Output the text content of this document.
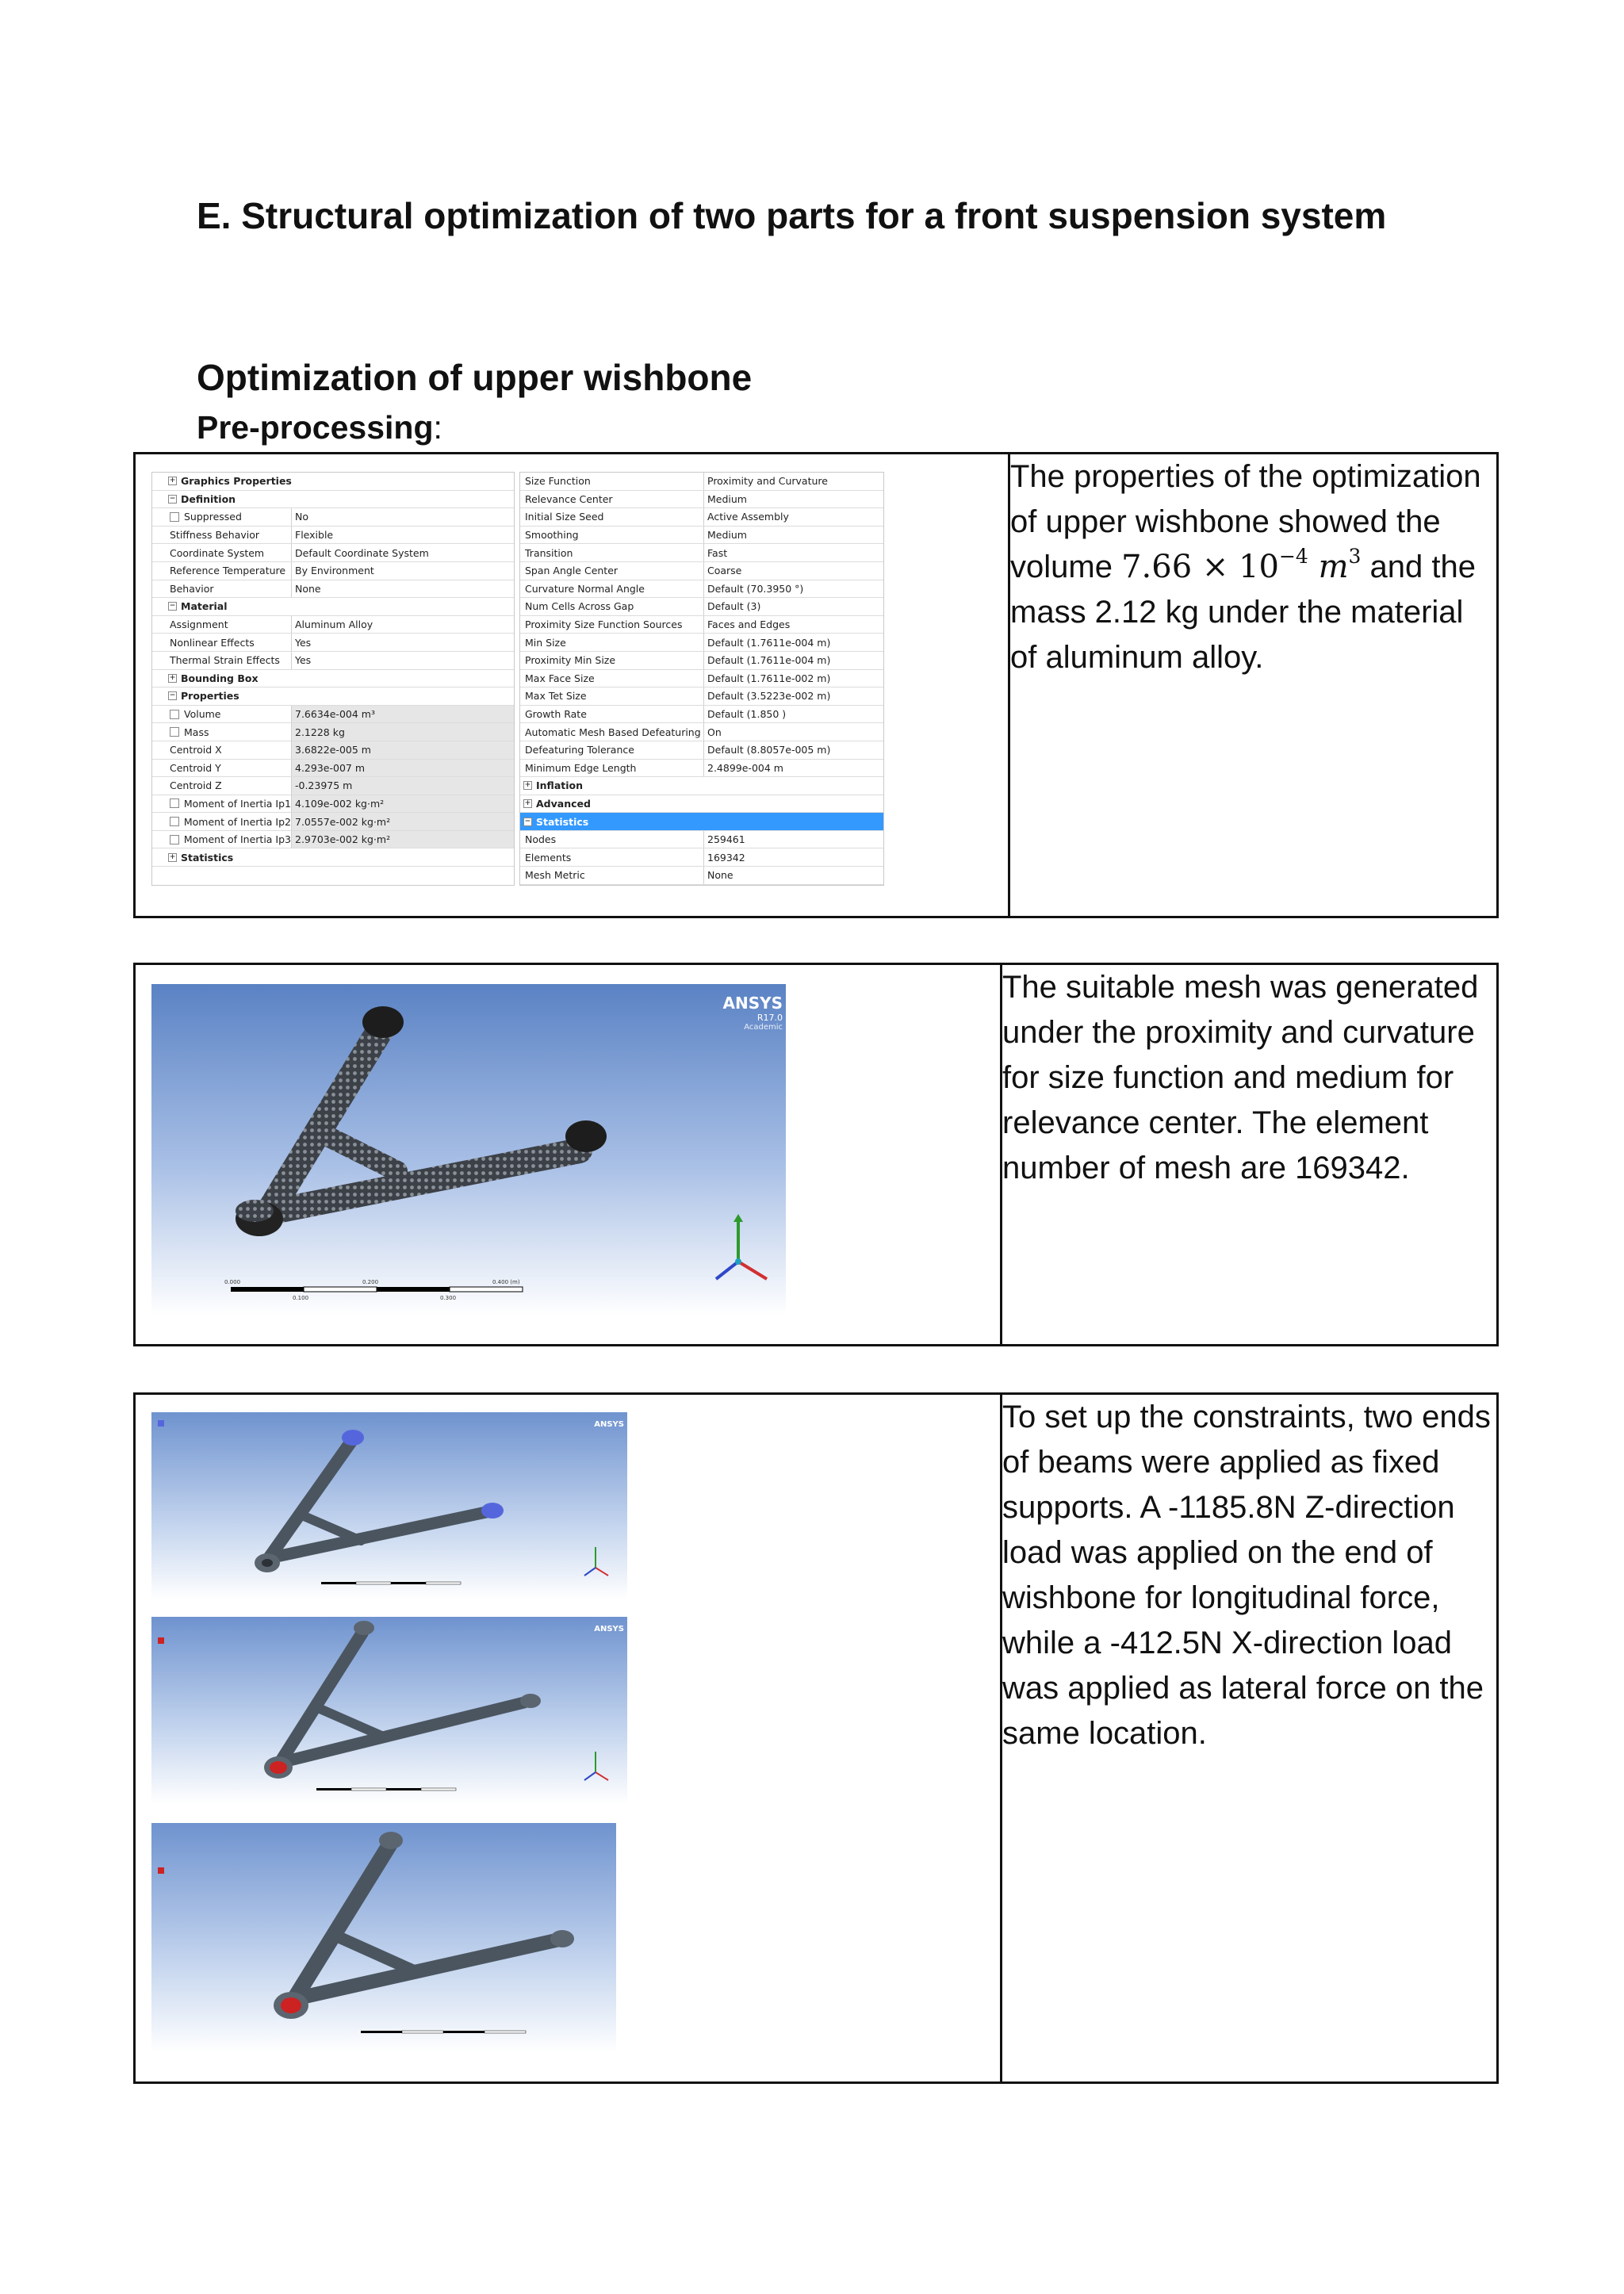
E. Structural optimization of two parts for a front suspension system
Optimization of upper wishbone

Pre-processing:

+ Graphics Properties
− Definition
Suppressed	No
Stiffness Behavior	Flexible
Coordinate System	Default Coordinate System
Reference Temperature By Environment
Behavior	None
− Material
Assignment	Aluminum Alloy
Nonlinear Effects	Yes
Thermal Strain Effects	Yes
+ Bounding Box
− Properties
Volume	7.6634e-004 m³
Mass	2.1228 kg
Centroid X	3.6822e-005 m
Centroid Y	4.293e-007 m
Centroid Z	-0.23975 m
Moment of Inertia Ip1 4.109e-002 kg·m²
Moment of Inertia Ip2 7.0557e-002 kg·m²
Moment of Inertia Ip3 2.9703e-002 kg·m²
+ Statistics
Size Function	Proximity and Curvature
Relevance Center	Medium
Initial Size Seed	Active Assembly
Smoothing	Medium
Transition	Fast
Span Angle Center	Coarse
Curvature Normal Angle	Default (70.3950 °)
Num Cells Across Gap	Default (3)
Proximity Size Function Sources	Faces and Edges
Min Size	Default (1.7611e-004 m)
Proximity Min Size	Default (1.7611e-004 m)
Max Face Size	Default (1.7611e-002 m)
Max Tet Size	Default (3.5223e-002 m)
Growth Rate	Default (1.850 )
Automatic Mesh Based Defeaturing On
Defeaturing Tolerance	Default (8.8057e-005 m)
Minimum Edge Length	2.4899e-004 m
+ Inflation
+ Advanced
− Statistics
Nodes	259461
Elements	169342
Mesh Metric	None
	The properties of the optimization of upper wishbone showed the volume $7.66 \times 10^{-4}$ $m^3$ and the mass 2.12 kg under the material of aluminum alloy.
ANSYS
R17.0
Academic
0.000	0.200	0.400 (m)
0.100	0.300
	The suitable mesh was generated under the proximity and curvature for size function and medium for relevance center. The element number of mesh are 169342.
ANSYS
ANSYS
	To set up the constraints, two ends of beams were applied as fixed supports. A -1185.8N Z-direction load was applied on the end of wishbone for longitudinal force, while a -412.5N X-direction load was applied as lateral force on the same location.
